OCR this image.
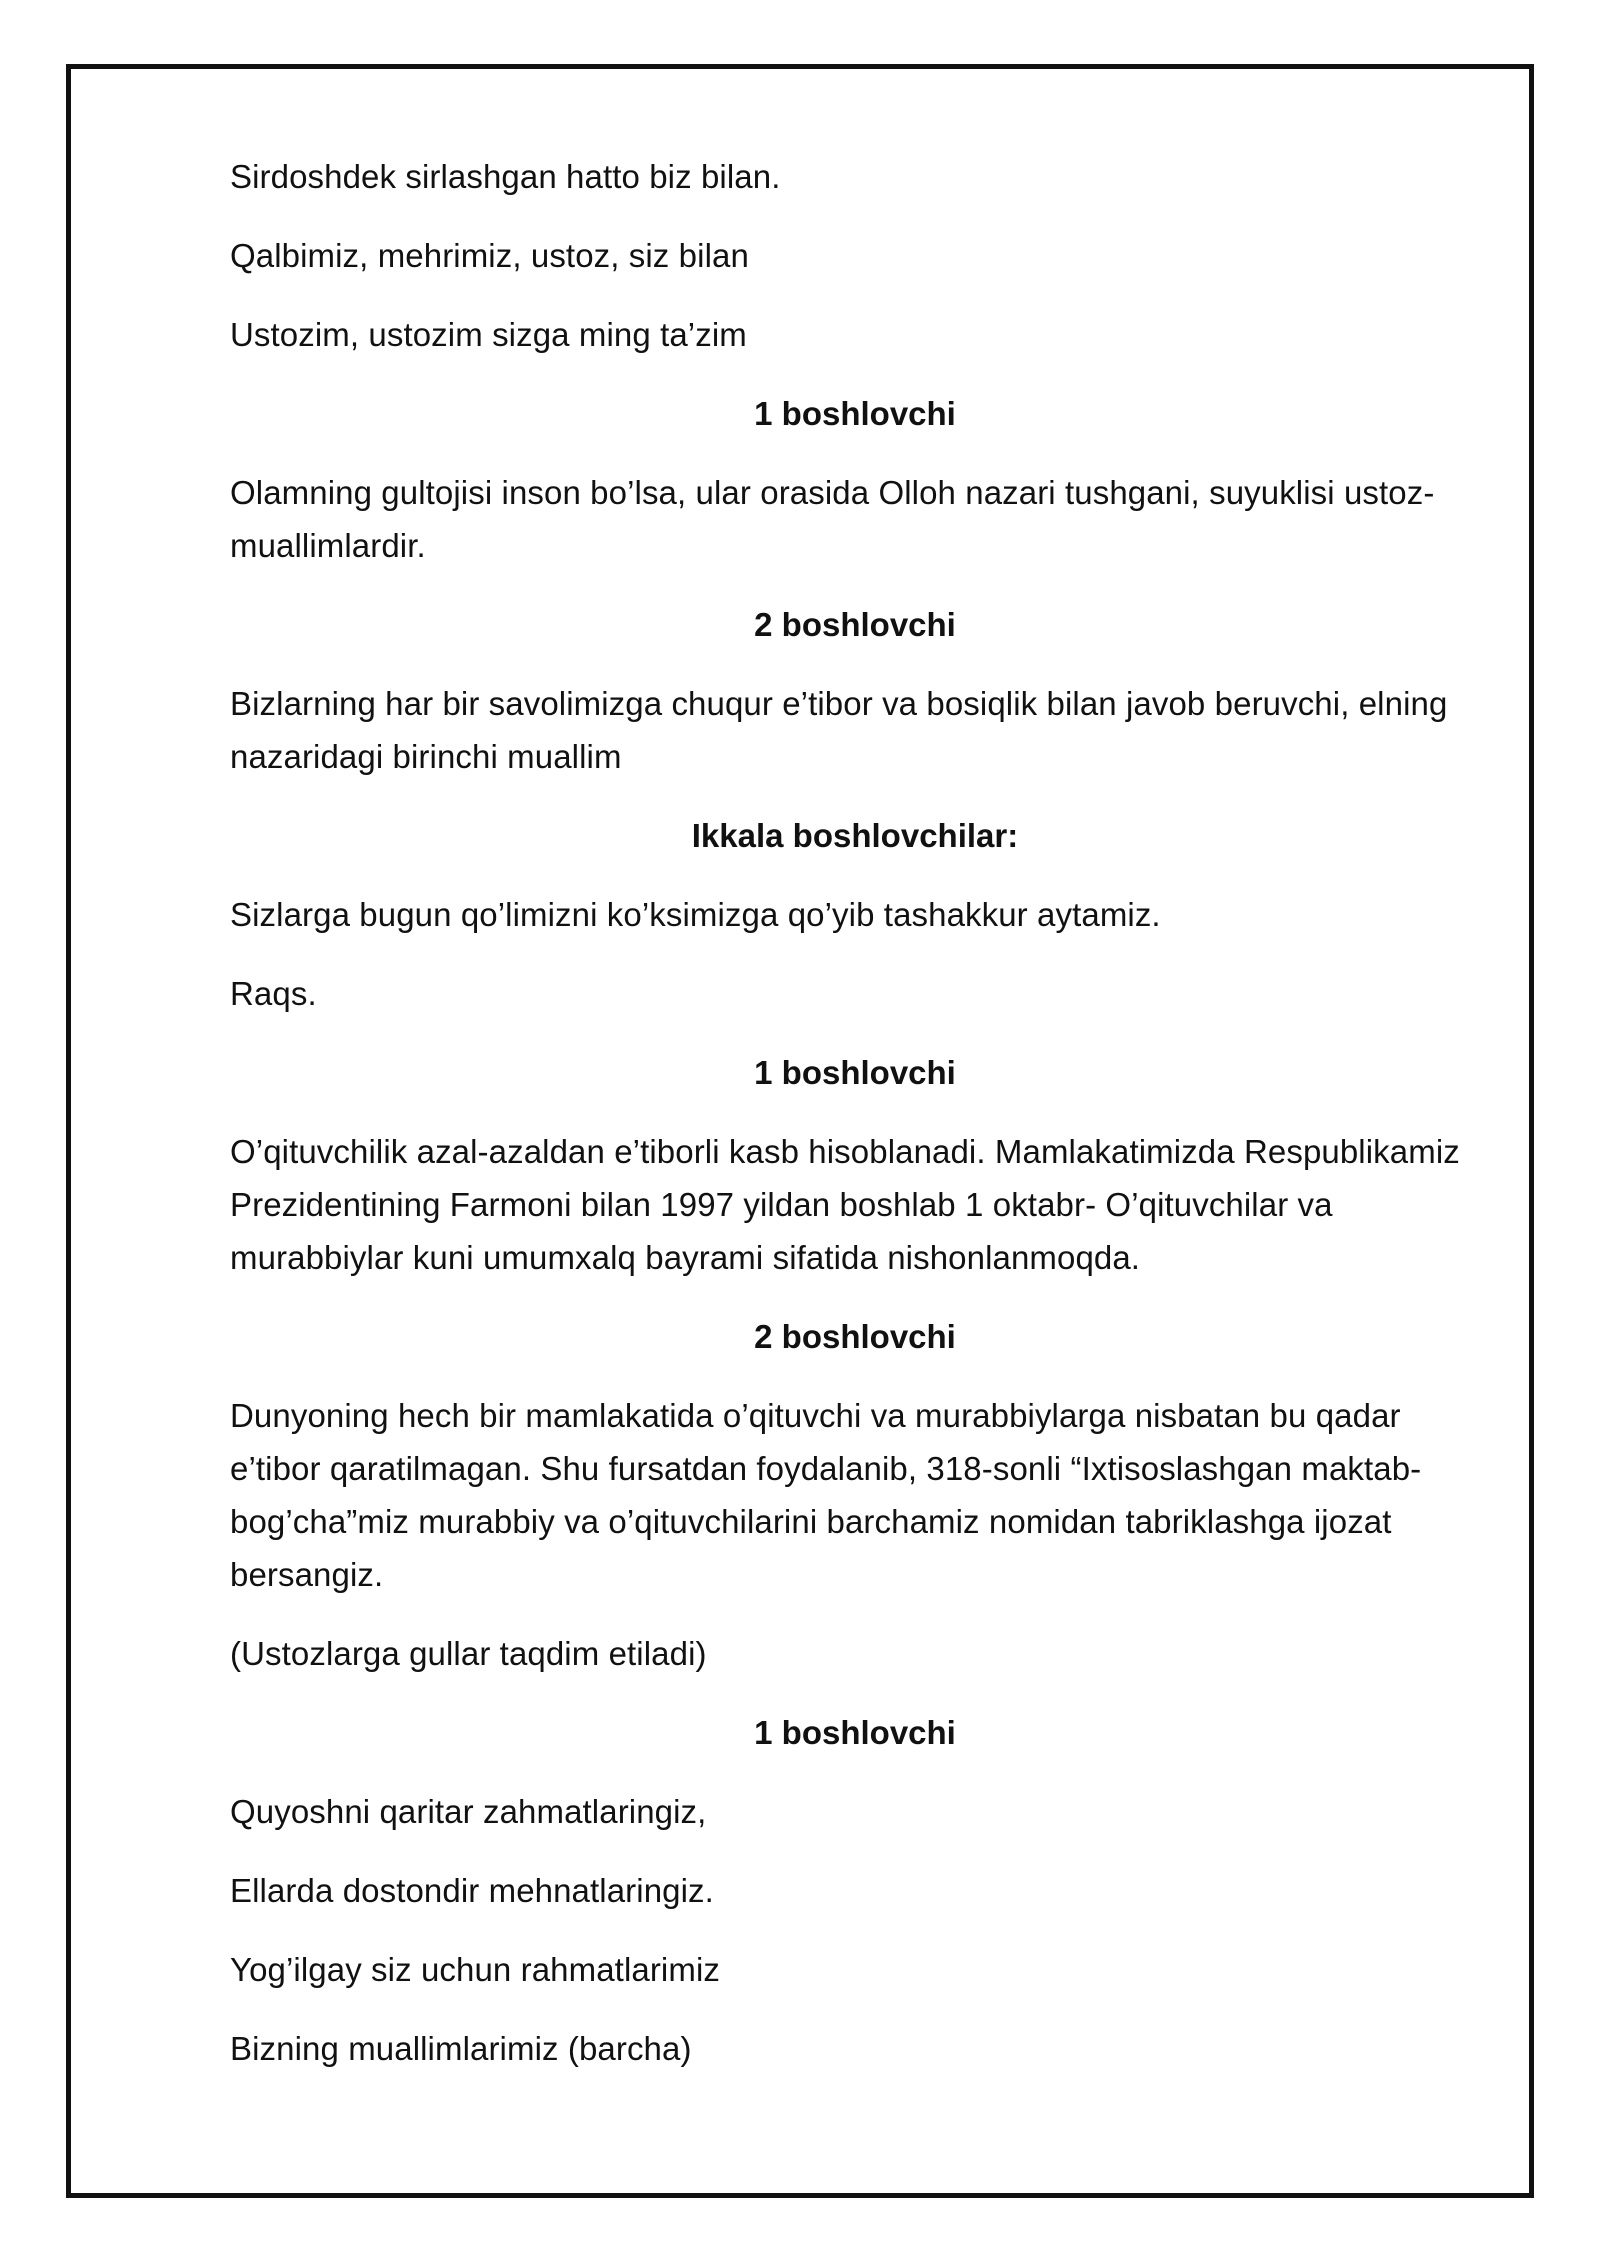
Sirdoshdek sirlashgan hatto biz bilan.

Qalbimiz, mehrimiz, ustoz, siz bilan

Ustozim, ustozim sizga ming ta’zim

1 boshlovchi

Olamning gultojisi inson bo’lsa, ular orasida Olloh nazari tushgani, suyuklisi ustoz-muallimlardir.

2 boshlovchi

Bizlarning har bir savolimizga chuqur e’tibor va bosiqlik bilan javob beruvchi, elning nazaridagi birinchi muallim

Ikkala boshlovchilar:

Sizlarga bugun qo’limizni ko’ksimizga qo’yib tashakkur aytamiz.

Raqs.

1 boshlovchi

O’qituvchilik azal-azaldan e’tiborli kasb hisoblanadi. Mamlakatimizda Respublikamiz Prezidentining Farmoni bilan 1997 yildan boshlab 1 oktabr- O’qituvchilar va murabbiylar kuni umumxalq bayrami sifatida nishonlanmoqda.

2 boshlovchi

Dunyoning hech bir mamlakatida o’qituvchi va murabbiylarga nisbatan bu qadar e’tibor qaratilmagan. Shu fursatdan foydalanib, 318-sonli “Ixtisoslashgan maktab-bog’cha”miz murabbiy va o’qituvchilarini barchamiz nomidan tabriklashga ijozat bersangiz.

(Ustozlarga gullar taqdim etiladi)

1 boshlovchi

Quyoshni qaritar zahmatlaringiz,

Ellarda dostondir mehnatlaringiz.

Yog’ilgay siz uchun rahmatlarimiz

Bizning muallimlarimiz (barcha)
